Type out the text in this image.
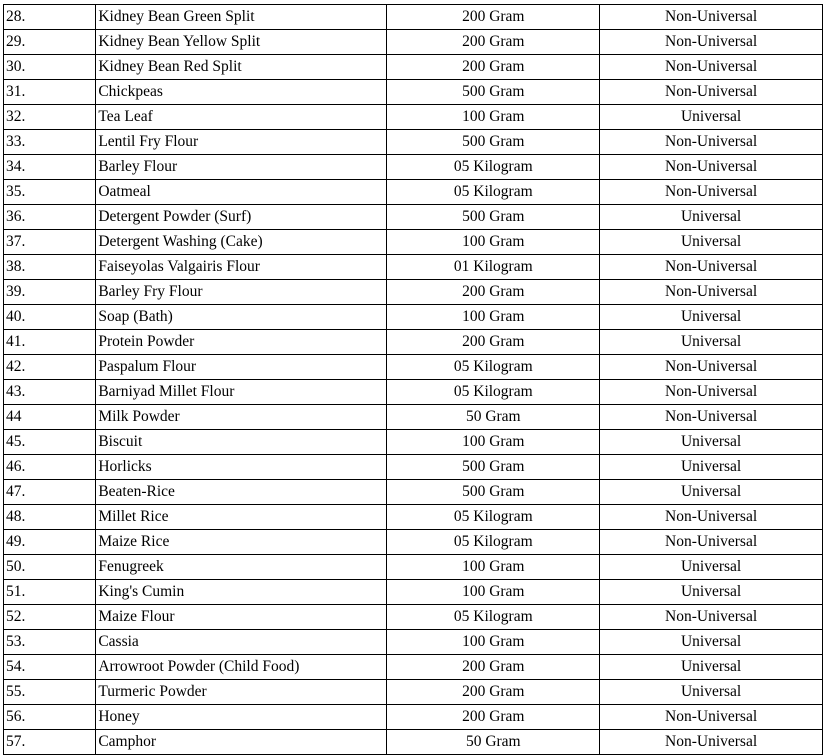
28.	Kidney Bean Green Split	200 Gram	Non-Universal
29.	Kidney Bean Yellow Split	200 Gram	Non-Universal
30.	Kidney Bean Red Split	200 Gram	Non-Universal
31.	Chickpeas	500 Gram	Non-Universal
32.	Tea Leaf	100 Gram	Universal
33.	Lentil Fry Flour	500 Gram	Non-Universal
34.	Barley Flour	05 Kilogram	Non-Universal
35.	Oatmeal	05 Kilogram	Non-Universal
36.	Detergent Powder (Surf)	500 Gram	Universal
37.	Detergent Washing (Cake)	100 Gram	Universal
38.	Faiseyolas Valgairis Flour	01 Kilogram	Non-Universal
39.	Barley Fry Flour	200 Gram	Non-Universal
40.	Soap (Bath)	100 Gram	Universal
41.	Protein Powder	200 Gram	Universal
42.	Paspalum Flour	05 Kilogram	Non-Universal
43.	Barniyad Millet Flour	05 Kilogram	Non-Universal
44	Milk Powder	50 Gram	Non-Universal
45.	Biscuit	100 Gram	Universal
46.	Horlicks	500 Gram	Universal
47.	Beaten-Rice	500 Gram	Universal
48.	Millet Rice	05 Kilogram	Non-Universal
49.	Maize Rice	05 Kilogram	Non-Universal
50.	Fenugreek	100 Gram	Universal
51.	King's Cumin	100 Gram	Universal
52.	Maize Flour	05 Kilogram	Non-Universal
53.	Cassia	100 Gram	Universal
54.	Arrowroot Powder (Child Food)	200 Gram	Universal
55.	Turmeric Powder	200 Gram	Universal
56.	Honey	200 Gram	Non-Universal
57.	Camphor	50 Gram	Non-Universal
